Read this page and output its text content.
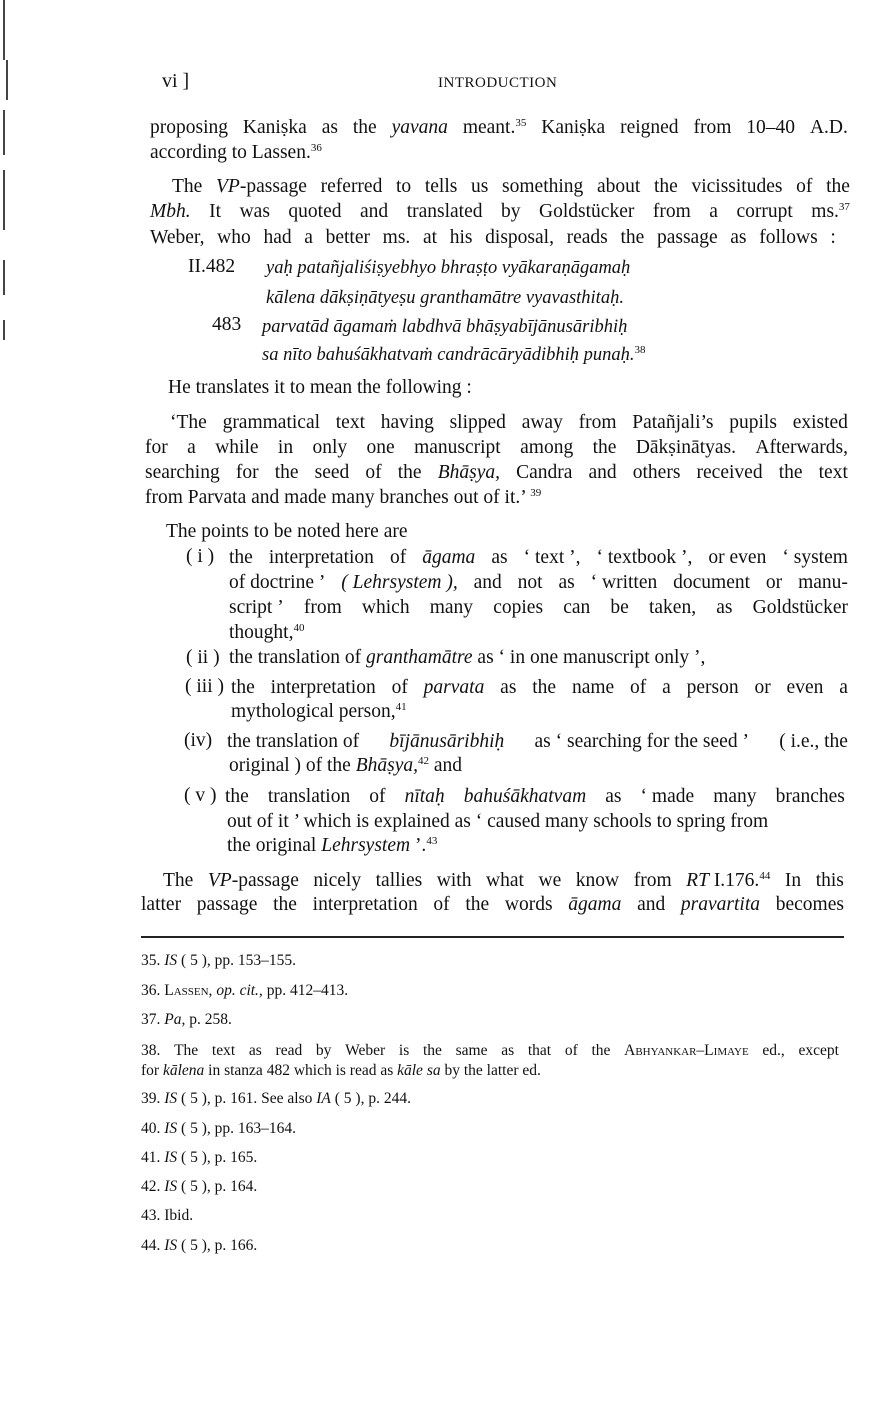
vi ]	INTRODUCTION
proposing Kaniṣka as the yavana meant.$^{35}$ Kaniṣka reigned from 10–40 A.D.
according to Lassen.$^{36}$
The VP-passage referred to tells us something about the vicissitudes of the
Mbh. It was quoted and translated by Goldstücker from a corrupt ms.$^{37}$
Weber, who had a better ms. at his disposal, reads the passage as follows :
II.482 yaḥ patañjaliśiṣyebhyo bhraṣṭo vyākaraṇāgamaḥ
kālena dākṣiṇātyeṣu granthamātre vyavasthitaḥ.
483 parvatād āgamaṁ labdhvā bhāṣyabījānusāribhiḥ
sa nīto bahuśākhatvaṁ candrācāryādibhiḥ punaḥ.$^{38}$
He translates it to mean the following :
‘The grammatical text having slipped away from Patañjali’s pupils existed
for a while in only one manuscript among the Dākṣinātyas. Afterwards,
searching for the seed of the Bhāṣya, Candra and others received the text
from Parvata and made many branches out of it.’ $^{39}$
The points to be noted here are
( i ) the interpretation of āgama as ‘ text ’, ‘ textbook ’, or even ‘ system
of doctrine ’ ( Lehrsystem ), and not as ‘ written document or manu-
script ’ from which many copies can be taken, as Goldstücker
thought,$^{40}$
( ii ) the translation of granthamātre as ‘ in one manuscript only ’,
( iii ) the interpretation of parvata as the name of a person or even a
mythological person,$^{41}$
(iv) the translation of bījānusāribhiḥ as ‘ searching for the seed ’ ( i.e., the
original ) of the Bhāṣya,$^{42}$ and
( v ) the translation of nītaḥ bahuśākhatvam as ‘ made many branches
out of it ’ which is explained as ‘ caused many schools to spring from
the original Lehrsystem ’.$^{43}$
The VP-passage nicely tallies with what we know from RT I.176.44 In this
latter passage the interpretation of the words āgama and pravartita becomes
35. IS ( 5 ), pp. 153–155.
36. Lassen, op. cit., pp. 412–413.
37. Pa, p. 258.
38. The text as read by Weber is the same as that of the Abhyankar–Limaye ed., except
for kālena in stanza 482 which is read as kāle sa by the latter ed.
39. IS ( 5 ), p. 161. See also IA ( 5 ), p. 244.
40. IS ( 5 ), pp. 163–164.
41. IS ( 5 ), p. 165.
42. IS ( 5 ), p. 164.
43. Ibid.
44. IS ( 5 ), p. 166.
